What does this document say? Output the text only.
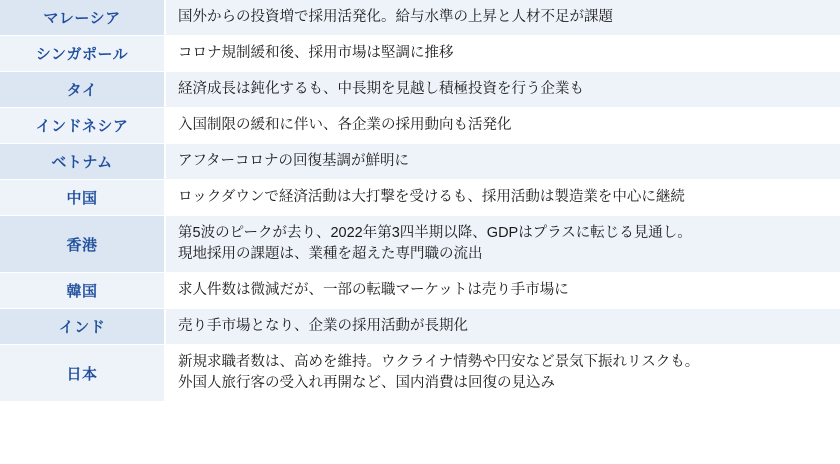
マレーシア	国外からの投資増で採用活発化。給与水準の上昇と人材不足が課題

シンガポール	コロナ規制緩和後、採用市場は堅調に推移

タイ	経済成長は鈍化するも、中長期を見越し積極投資を行う企業も

インドネシア	入国制限の緩和に伴い、各企業の採用動向も活発化

ベトナム	アフターコロナの回復基調が鮮明に

中国	ロックダウンで経済活動は大打撃を受けるも、採用活動は製造業を中心に継続

香港	第5波のピークが去り、2022年第3四半期以降、GDPはプラスに転じる見通し。
現地採用の課題は、業種を超えた専門職の流出

韓国	求人件数は微減だが、一部の転職マーケットは売り手市場に

インド	売り手市場となり、企業の採用活動が長期化

日本	新規求職者数は、高めを維持。ウクライナ情勢や円安など景気下振れリスクも。
外国人旅行客の受入れ再開など、国内消費は回復の見込み
